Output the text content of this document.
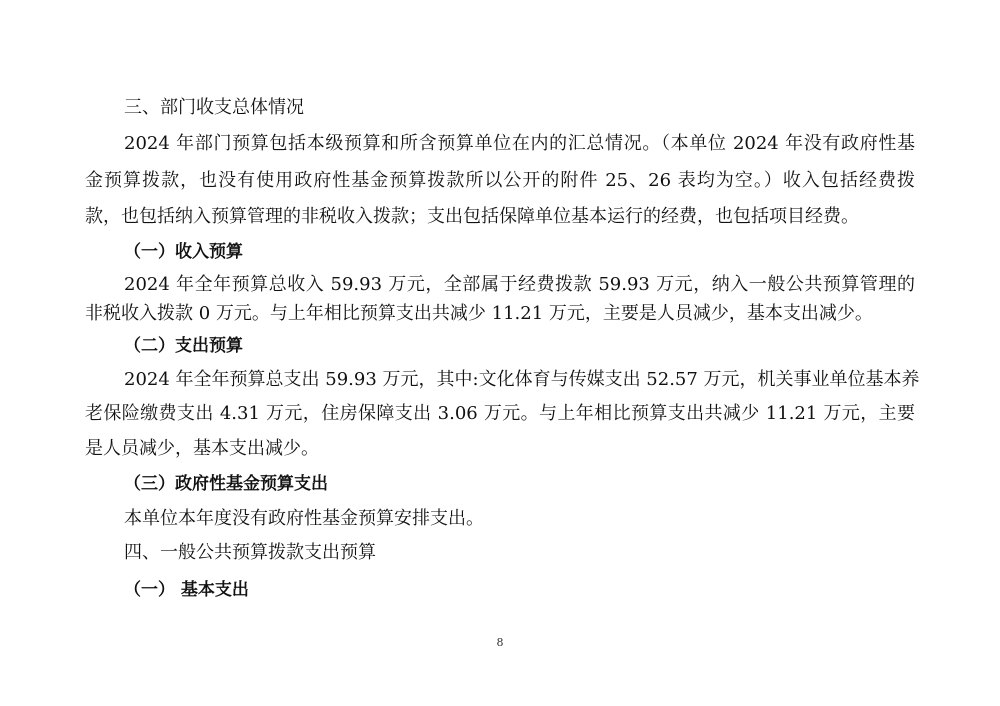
三、部门收支总体情况
2024 年部门预算包括本级预算和所含预算单位在内的汇总情况。（本单位 2024 年没有政府性基
金预算拨款，也没有使用政府性基金预算拨款所以公开的附件 25、26 表均为空。）收入包括经费拨
款，也包括纳入预算管理的非税收入拨款；支出包括保障单位基本运行的经费，也包括项目经费。
（一）收入预算
2024 年全年预算总收入 59.93 万元，全部属于经费拨款 59.93 万元，纳入一般公共预算管理的
非税收入拨款 0 万元。与上年相比预算支出共减少 11.21 万元，主要是人员减少，基本支出减少。
（二）支出预算
2024 年全年预算总支出 59.93 万元，其中:文化体育与传媒支出 52.57 万元，机关事业单位基本养
老保险缴费支出 4.31 万元，住房保障支出 3.06 万元。与上年相比预算支出共减少 11.21 万元，主要
是人员减少，基本支出减少。
（三）政府性基金预算支出
本单位本年度没有政府性基金预算安排支出。
四、一般公共预算拨款支出预算
（一） 基本支出
8
